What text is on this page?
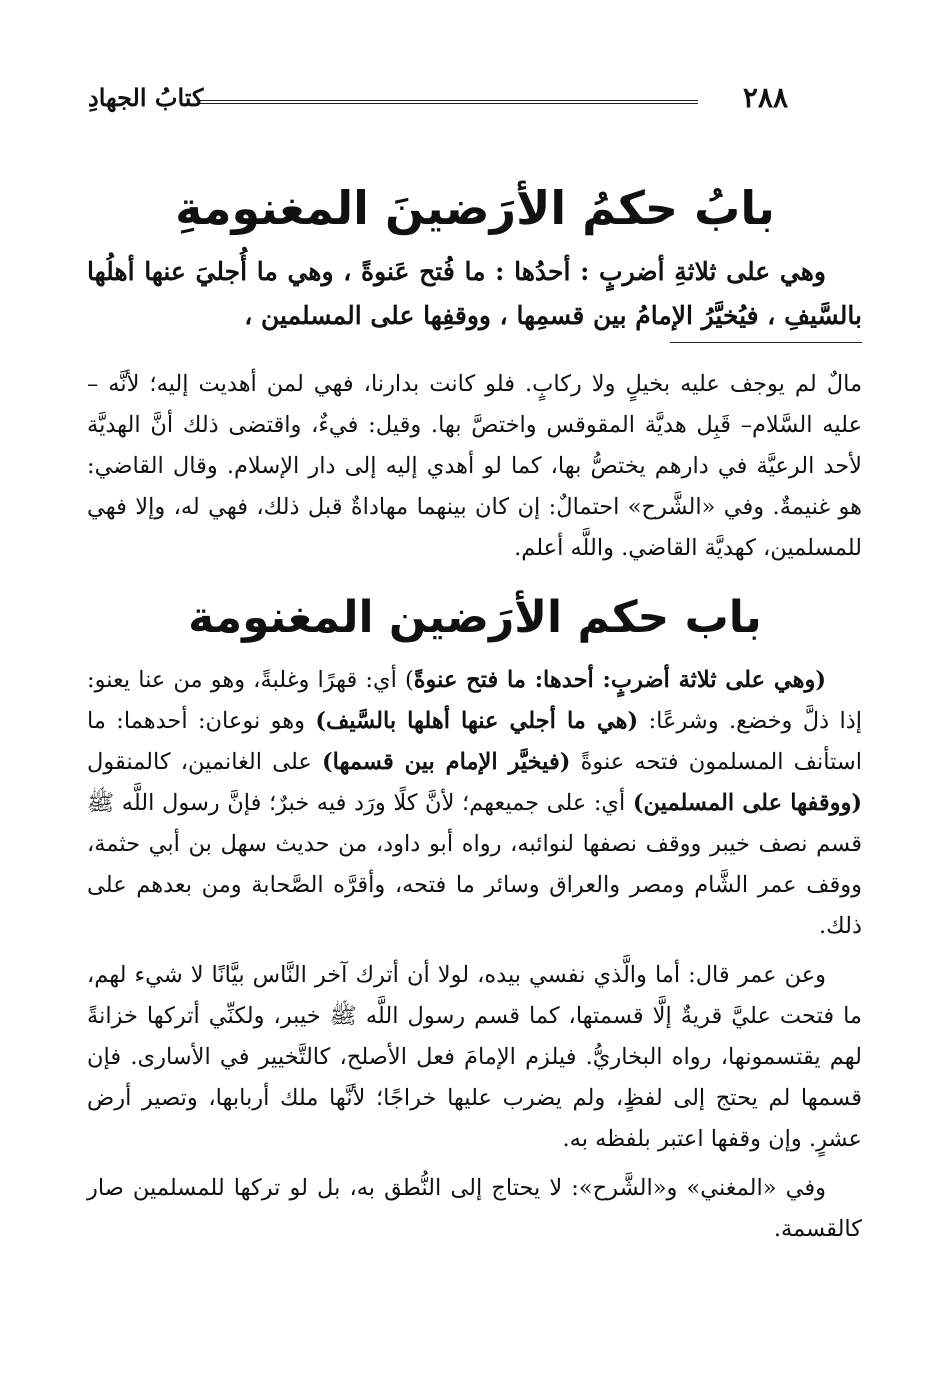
٢٨٨
كتابُ الجهادِ
بابُ حكمُ الأرَضينَ المغنومةِ
وهي على ثلاثةِ أضربٍ : أحدُها : ما فُتح عَنوةً ، وهي ما أُجليَ عنها أهلُها بالسَّيفِ ، فيُخيَّرُ الإمامُ بين قسمِها ، ووقفِها على المسلمين ،

مالٌ لم يوجف عليه بخيلٍ ولا ركابٍ. فلو كانت بدارنا، فهي لمن أهديت إليه؛ لأنَّه – عليه السَّلام– قَبِل هديَّة المقوقس واختصَّ بها. وقيل: فيءٌ، واقتضى ذلك أنَّ الهديَّة لأحد الرعيَّة في دارهم يختصُّ بها، كما لو أهدي إليه إلى دار الإسلام. وقال القاضي: هو غنيمةٌ. وفي «الشَّرح» احتمالٌ: إن كان بينهما مهاداةٌ قبل ذلك، فهي له، وإلا فهي للمسلمين، كهديَّة القاضي. واللَّه أعلم.

باب حكم الأرَضين المغنومة

(وهي على ثلاثة أضربٍ: أحدها: ما فتح عنوةً) أي: قهرًا وغلبةً، وهو من عنا يعنو: إذا ذلَّ وخضع. وشرعًا: (هي ما أجلي عنها أهلها بالسَّيف) وهو نوعان: أحدهما: ما استأنف المسلمون فتحه عنوةً (فيخيَّر الإمام بين قسمها) على الغانمين، كالمنقول (ووقفها على المسلمين) أي: على جميعهم؛ لأنَّ كلًا ورَد فيه خبرٌ؛ فإنَّ رسول اللَّه ﷺ قسم نصف خيبر ووقف نصفها لنوائبه، رواه أبو داود، من حديث سهل بن أبي حثمة، ووقف عمر الشَّام ومصر والعراق وسائر ما فتحه، وأقرَّه الصَّحابة ومن بعدهم على ذلك.

وعن عمر قال: أما والَّذي نفسي بيده، لولا أن أترك آخر النَّاس بيَّانًا لا شيء لهم، ما فتحت عليَّ قريةٌ إلَّا قسمتها، كما قسم رسول اللَّه ﷺ خيبر، ولكنِّي أتركها خزانةً لهم يقتسمونها، رواه البخاريُّ. فيلزم الإمامَ فعل الأصلح، كالتَّخيير في الأسارى. فإن قسمها لم يحتج إلى لفظٍ، ولم يضرب عليها خراجًا؛ لأنَّها ملك أربابها، وتصير أرض عشرٍ. وإن وقفها اعتبر بلفظه به.

وفي «المغني» و«الشَّرح»: لا يحتاج إلى النُّطق به، بل لو تركها للمسلمين صار كالقسمة.
